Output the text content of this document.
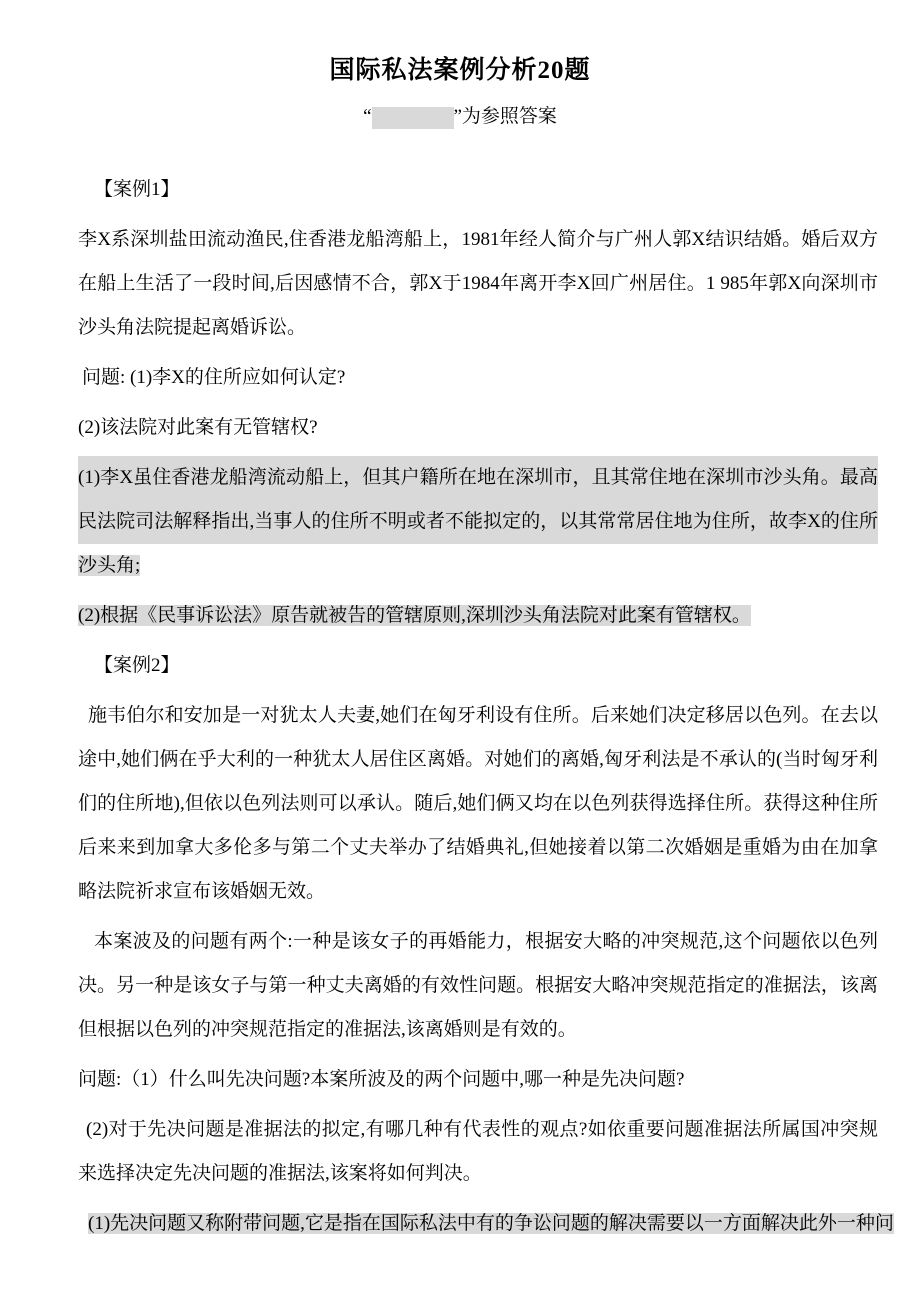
国际私法案例分析20题
“	”为参照答案
【案例1】
李X系深圳盐田流动渔民,住香港龙船湾船上，1981年经人简介与广州人郭X结识结婚。婚后双方
在船上生活了一段时间,后因感情不合，郭X于1984年离开李X回广州居住。1 985年郭X向深圳市
沙头角法院提起离婚诉讼。
问题: (1)李X的住所应如何认定?
(2)该法院对此案有无管辖权?
(1)李X虽住香港龙船湾流动船上，但其户籍所在地在深圳市，且其常住地在深圳市沙头角。最高
民法院司法解释指出,当事人的住所不明或者不能拟定的，以其常常居住地为住所，故李X的住所
沙头角;
(2)根据《民事诉讼法》原告就被告的管辖原则,深圳沙头角法院对此案有管辖权。
【案例2】
施韦伯尔和安加是一对犹太人夫妻,她们在匈牙利设有住所。后来她们决定移居以色列。在去以
途中,她们俩在乎大利的一种犹太人居住区离婚。对她们的离婚,匈牙利法是不承认的(当时匈牙利
们的住所地),但依以色列法则可以承认。随后,她们俩又均在以色列获得选择住所。获得这种住所
后来来到加拿大多伦多与第二个丈夫举办了结婚典礼,但她接着以第二次婚姻是重婚为由在加拿
略法院祈求宣布该婚姻无效。
本案波及的问题有两个:一种是该女子的再婚能力，根据安大略的冲突规范,这个问题依以色列
决。另一种是该女子与第一种丈夫离婚的有效性问题。根据安大略冲突规范指定的准据法，该离
但根据以色列的冲突规范指定的准据法,该离婚则是有效的。
问题:（1）什么叫先决问题?本案所波及的两个问题中,哪一种是先决问题?
(2)对于先决问题是准据法的拟定,有哪几种有代表性的观点?如依重要问题准据法所属国冲突规
来选择决定先决问题的准据法,该案将如何判决。
(1)先决问题又称附带问题,它是指在国际私法中有的争讼问题的解决需要以一方面解决此外一种问
